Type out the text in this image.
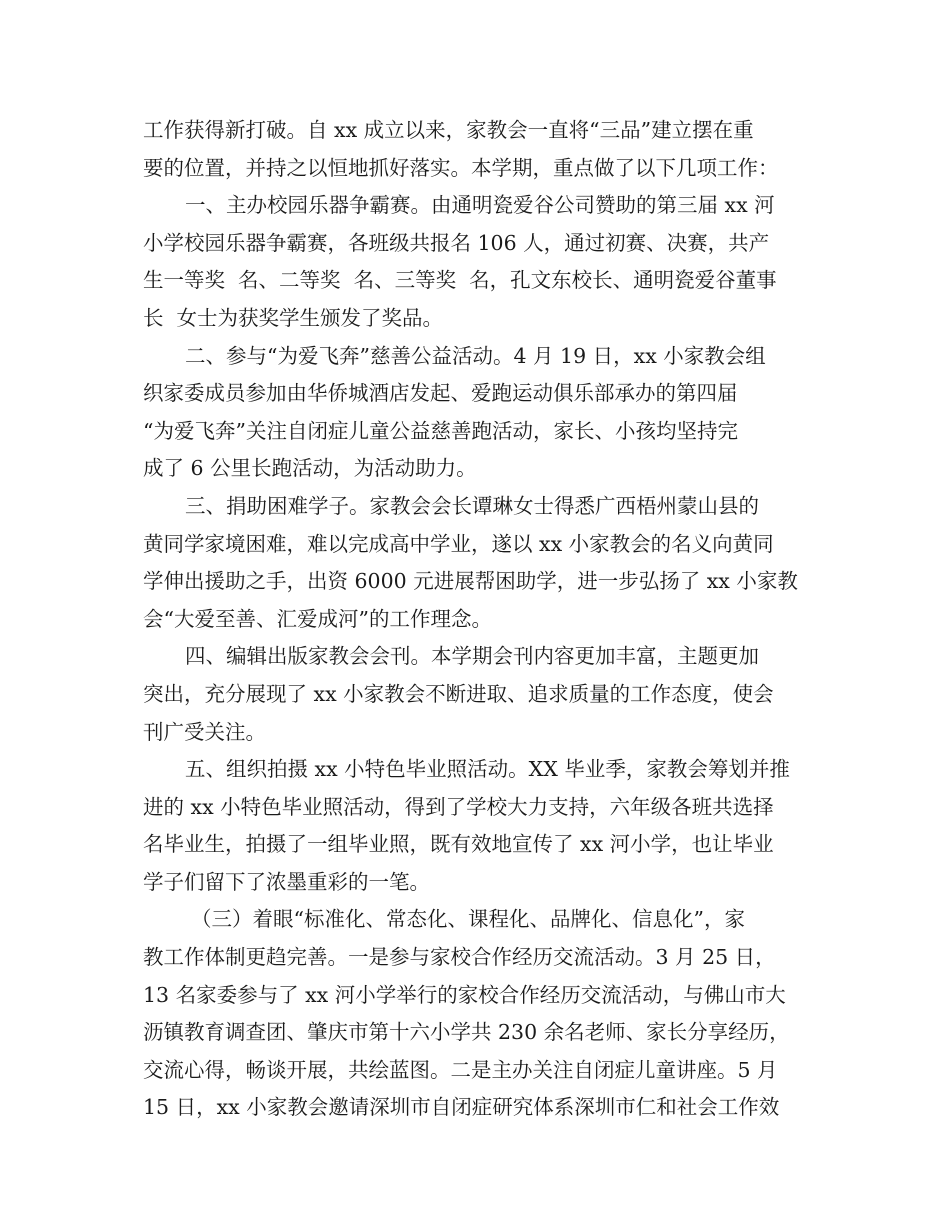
工作获得新打破。自 xx 成立以来，家教会一直将“三品”建立摆在重
要的位置，并持之以恒地抓好落实。本学期，重点做了以下几项工作：
一、主办校园乐器争霸赛。由通明瓷爱谷公司赞助的第三届 xx 河
小学校园乐器争霸赛，各班级共报名 106 人，通过初赛、决赛，共产
生一等奖  名、二等奖  名、三等奖  名，孔文东校长、通明瓷爱谷董事
长  女士为获奖学生颁发了奖品。
二、参与“为爱飞奔”慈善公益活动。4 月 19 日，xx 小家教会组
织家委成员参加由华侨城酒店发起、爱跑运动俱乐部承办的第四届
“为爱飞奔”关注自闭症儿童公益慈善跑活动，家长、小孩均坚持完
成了 6 公里长跑活动，为活动助力。
三、捐助困难学子。家教会会长谭琳女士得悉广西梧州蒙山县的
黄同学家境困难，难以完成高中学业，遂以 xx 小家教会的名义向黄同
学伸出援助之手，出资 6000 元进展帮困助学，进一步弘扬了 xx 小家教
会“大爱至善、汇爱成河”的工作理念。
四、编辑出版家教会会刊。本学期会刊内容更加丰富，主题更加
突出，充分展现了 xx 小家教会不断进取、追求质量的工作态度，使会
刊广受关注。
五、组织拍摄 xx 小特色毕业照活动。XX 毕业季，家教会筹划并推
进的 xx 小特色毕业照活动，得到了学校大力支持，六年级各班共选择
名毕业生，拍摄了一组毕业照，既有效地宣传了 xx 河小学，也让毕业
学子们留下了浓墨重彩的一笔。
（三）着眼“标准化、常态化、课程化、品牌化、信息化”，家
教工作体制更趋完善。一是参与家校合作经历交流活动。3 月 25 日，
13 名家委参与了 xx 河小学举行的家校合作经历交流活动，与佛山市大
沥镇教育调查团、肇庆市第十六小学共 230 余名老师、家长分享经历，
交流心得，畅谈开展，共绘蓝图。二是主办关注自闭症儿童讲座。5 月
15 日，xx 小家教会邀请深圳市自闭症研究体系深圳市仁和社会工作效
